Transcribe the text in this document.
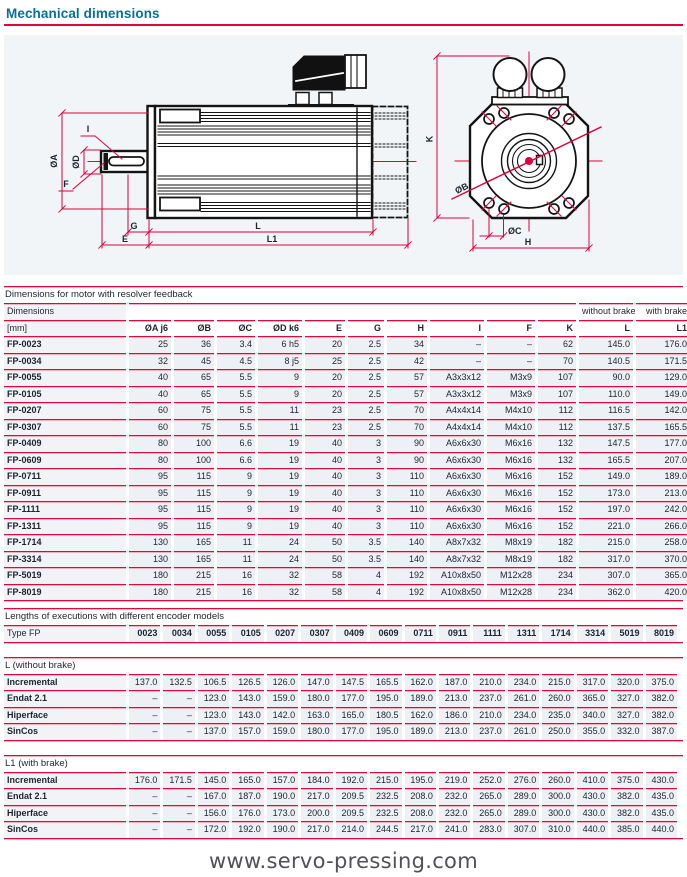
Mechanical dimensions
ØA ØD
I
F
G	L
E	L1
K
ØB
ØC
H
Dimensions for motor with resolver feedback
Dimensions											without brake	with brake
[mm]	ØA j6	ØB	ØC	ØD k6	E	G	H	I	F	K	L	L1
FP-0023	25	36	3.4	6 h5	20	2.5	34	–	–	62	145.0	176.0
FP-0034	32	45	4.5	8 j5	25	2.5	42	–	–	70	140.5	171.5
FP-0055	40	65	5.5	9	20	2.5	57	A3x3x12	M3x9	107	90.0	129.0
FP-0105	40	65	5.5	9	20	2.5	57	A3x3x12	M3x9	107	110.0	149.0
FP-0207	60	75	5.5	11	23	2.5	70	A4x4x14	M4x10	112	116.5	142.0
FP-0307	60	75	5.5	11	23	2.5	70	A4x4x14	M4x10	112	137.5	165.5
FP-0409	80	100	6.6	19	40	3	90	A6x6x30	M6x16	132	147.5	177.0
FP-0609	80	100	6.6	19	40	3	90	A6x6x30	M6x16	132	165.5	207.0
FP-0711	95	115	9	19	40	3	110	A6x6x30	M6x16	152	149.0	189.0
FP-0911	95	115	9	19	40	3	110	A6x6x30	M6x16	152	173.0	213.0
FP-1111	95	115	9	19	40	3	110	A6x6x30	M6x16	152	197.0	242.0
FP-1311	95	115	9	19	40	3	110	A6x6x30	M6x16	152	221.0	266.0
FP-1714	130	165	11	24	50	3.5	140	A8x7x32	M8x19	182	215.0	258.0
FP-3314	130	165	11	24	50	3.5	140	A8x7x32	M8x19	182	317.0	370.0
FP-5019	180	215	16	32	58	4	192	A10x8x50	M12x28	234	307.0	365.0
FP-8019	180	215	16	32	58	4	192	A10x8x50	M12x28	234	362.0	420.0
Lengths of executions with different encoder models
Type FP	0023	0034	0055	0105	0207	0307	0409	0609	0711	0911	1111	1311	1714	3314	5019	8019
L (without brake)
Incremental	137.0	132.5	106.5	126.5	126.0	147.0	147.5	165.5	162.0	187.0	210.0	234.0	215.0	317.0	320.0	375.0
Endat 2.1	–	–	123.0	143.0	159.0	180.0	177.0	195.0	189.0	213.0	237.0	261.0	260.0	365.0	327.0	382.0
Hiperface	–	–	123.0	143.0	142.0	163.0	165.0	180.5	162.0	186.0	210.0	234.0	235.0	340.0	327.0	382.0
SinCos	–	–	137.0	157.0	159.0	180.0	177.0	195.0	189.0	213.0	237.0	261.0	250.0	355.0	332.0	387.0
L1 (with brake)
Incremental	176.0	171.5	145.0	165.0	157.0	184.0	192.0	215.0	195.0	219.0	252.0	276.0	260.0	410.0	375.0	430.0
Endat 2.1	–	–	167.0	187.0	190.0	217.0	209.5	232.5	208.0	232.0	265.0	289.0	300.0	430.0	382.0	435.0
Hiperface	–	–	156.0	176.0	173.0	200.0	209.5	232.5	208.0	232.0	265.0	289.0	300.0	430.0	382.0	435.0
SinCos	–	–	172.0	192.0	190.0	217.0	214.0	244.5	217.0	241.0	283.0	307.0	310.0	440.0	385.0	440.0
www.servo-pressing.com
